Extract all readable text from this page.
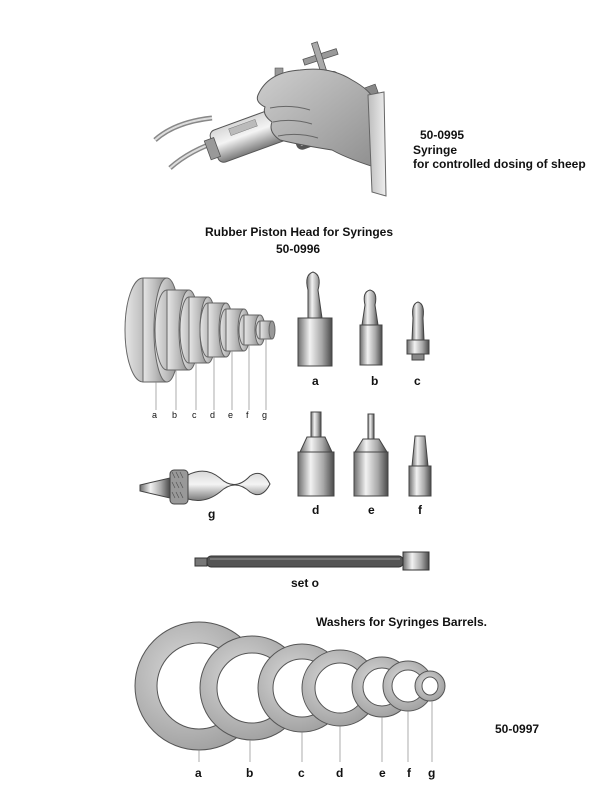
50-0995
Syringe
for controlled dosing of sheep
Rubber Piston Head for Syringes
50-0996
a b c d e f g
a	b	c
g	d	e	f
set o
Washers for Syringes Barrels.
50-0997
a	b	c	d	e f g
